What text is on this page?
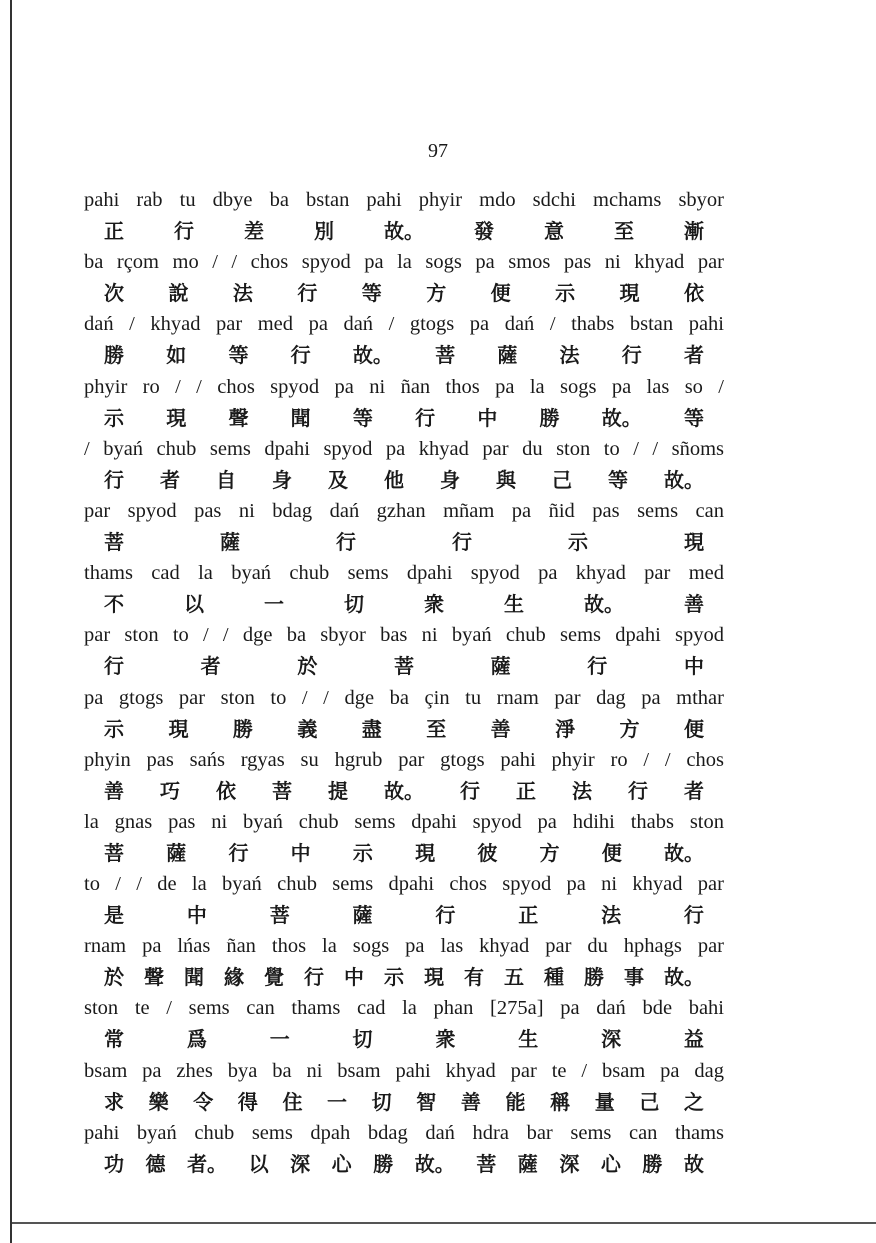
97
pahi rab tu dbye ba bstan pahi phyir mdo sdchi mchams sbyor
正	行	差	別	故。	發	意	至	漸
ba rçom mo / / chos spyod pa la sogs pa smos pas ni khyad par
次 說 法 行 等 方 便 示 現 依
dań / khyad par med pa dań / gtogs pa dań / thabs bstan pahi
勝 如 等 行 故。 菩 薩 法 行 者
phyir ro / / chos spyod pa ni ñan thos pa la sogs pa las so /
示 現 聲 聞 等 行 中 勝 故。 等
/ byań chub sems dpahi spyod pa khyad par du ston to / / sñoms
行 者 自 身 及 他 身 與 己 等 故。
par spyod pas ni bdag dań gzhan mñam pa ñid pas sems can
菩	薩	行	行	示	現
thams cad la byań chub sems dpahi spyod pa khyad par med
不	以	一	切	衆	生	故。	善
par ston to / / dge ba sbyor bas ni byań chub sems dpahi spyod
行	者	於	菩	薩	行	中
pa gtogs par ston to / / dge ba çin tu rnam par dag pa mthar
示 現 勝 義 盡 至 善 淨 方 便
phyin pas sańs rgyas su hgrub par gtogs pahi phyir ro / / chos
善 巧 依 菩 提 故。 行 正 法 行 者
la gnas pas ni byań chub sems dpahi spyod pa hdihi thabs ston
菩 薩 行 中 示 現 彼 方 便 故。
to / / de la byań chub sems dpahi chos spyod pa ni khyad par
是	中	菩	薩	行	正	法	行
rnam pa lńas ñan thos la sogs pa las khyad par du hphags par
於 聲 聞 緣 覺 行 中 示 現 有 五 種 勝 事 故。
ston te / sems can thams cad la phan [275a] pa dań bde bahi
常	爲	一	切	衆	生	深	益
bsam pa zhes bya ba ni bsam pahi khyad par te / bsam pa dag
求 樂 令 得 住 一 切 智 善 能 稱 量 己 之
pahi byań chub sems dpah bdag dań hdra bar sems can thams
功 德 者。 以 深 心 勝 故。 菩 薩 深 心 勝 故
